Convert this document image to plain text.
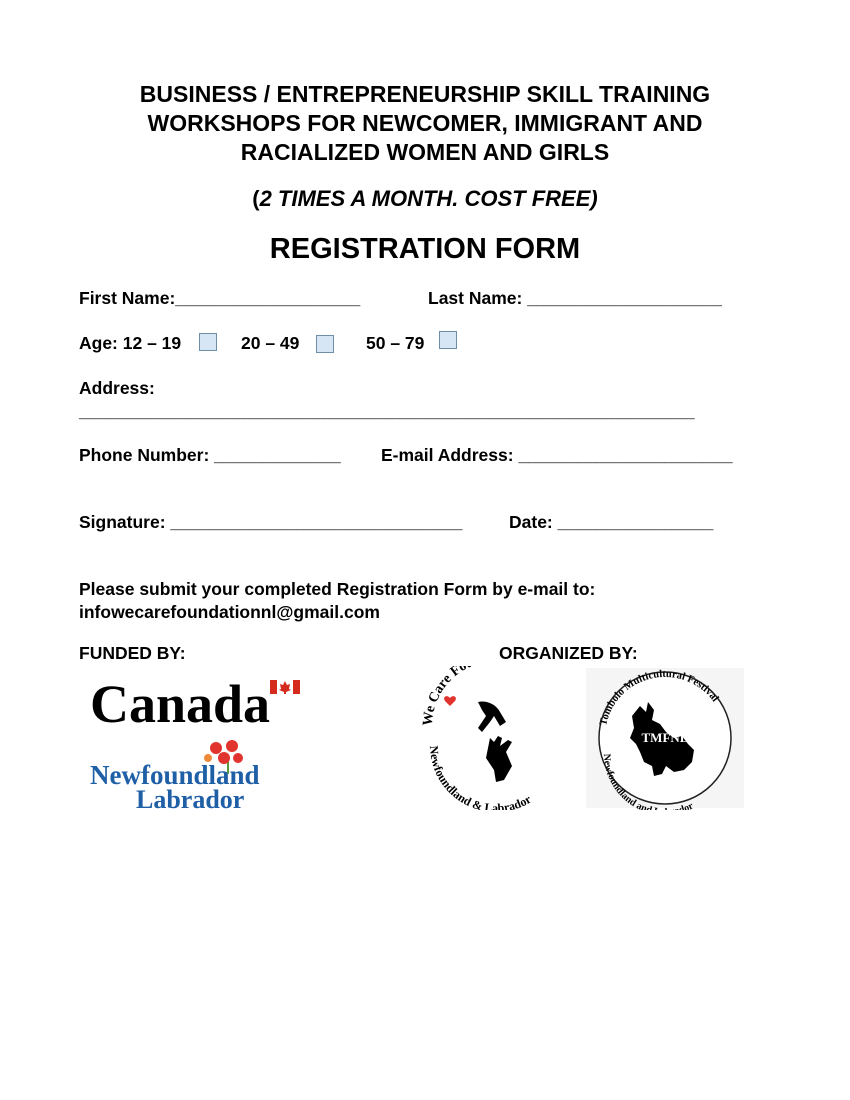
BUSINESS / ENTREPRENEURSHIP SKILL TRAINING
WORKSHOPS FOR NEWCOMER, IMMIGRANT AND
RACIALIZED WOMEN AND GIRLS
(2 TIMES A MONTH. COST FREE)
REGISTRATION FORM
First Name:___________________	Last Name: ____________________
Age: 12 – 19	20 – 49	50 – 79
Address:
______________________________________________________________
Phone Number: _____________ E-mail Address: ______________________
Signature: ______________________________	Date: ________________
Please submit your completed Registration Form by e-mail to:
infowecarefoundationnl@gmail.com
FUNDED BY:	ORGANIZED BY:
Canada
Newfoundland
Labrador
We Care Fo
Newfoundland & Labrador
Tombolo Multicultural Festival
Newfoundland an or
TMFNL
